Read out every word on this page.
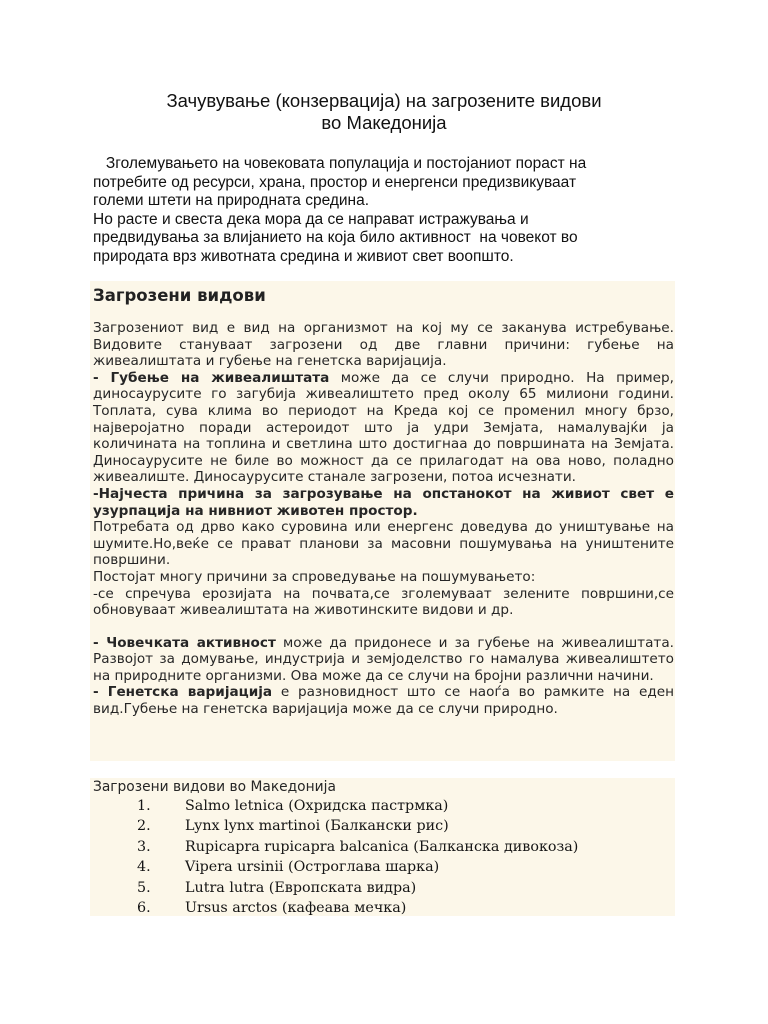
Зачувување (конзервација) на загрозените видови
во Македонија

Зголемувањето на човековата популација и постојаниот пораст на
потребите од ресурси, храна, простор и енергенси предизвикуваат
големи штети на природната средина.

Но расте и свеста дека мора да се направат истражувања и
предвидувања за влијанието на која било активност  на човекот во
природата врз животната средина и живиот свет воопшто.

Загрозени видови

Загрозениот вид е вид на организмот на кој му се заканува истребување. Видовите стануваат загрозени од две главни причини: губење на живеалиштата и губење на генетска варијација.

- Губење на живеалиштата може да се случи природно. На пример, диносаурусите го загубија живеалиштето пред околу 65 милиони години. Топлата, сува клима во периодот на Креда кој се променил многу брзо, најверојатно поради астероидот што ја удри Земјата, намалувајќи ја количината на топлина и светлина што достигнаа до површината на Земјата. Диносаурусите не биле во можност да се прилагодат на ова ново, поладно живеалиште. Диносаурусите станале загрозени, потоа исчезнати.

-Најчеста причина за загрозување на опстанокот на живиот свет е узурпација на нивниот животен простор.

Потребата од дрво како суровина или енергенс доведува до уништување на шумите.Но,веќе се прават планови за масовни пошумувања на уништените површини.

Постојат многу причини за спроведување на пошумувањето:

-се спречува ерозијата на почвата,се зголемуваат зелените површини,се обновуваат живеалиштата на животинските видови и др.

- Човечката активност може да придонесе и за губење на живеалиштата. Развојот за домување, индустрија и земјоделство го намалува живеалиштето на природните организми. Ова може да се случи на бројни различни начини.

- Генетска варијација е разновидност што се наоѓа во рамките на еден вид.Губење на генетска варијација може да се случи природно.

Загрозени видови во Македонија
1.	Salmo letnica (Охридска пастрмка)
2.	Lynx lynx martinoi (Балкански рис)
3.	Rupicapra rupicapra balcanica (Балканска дивокоза)
4.	Vipera ursinii (Остроглава шарка)
5.	Lutra lutra (Европската видра)
6.	Ursus arctos (кафеава мечка)
